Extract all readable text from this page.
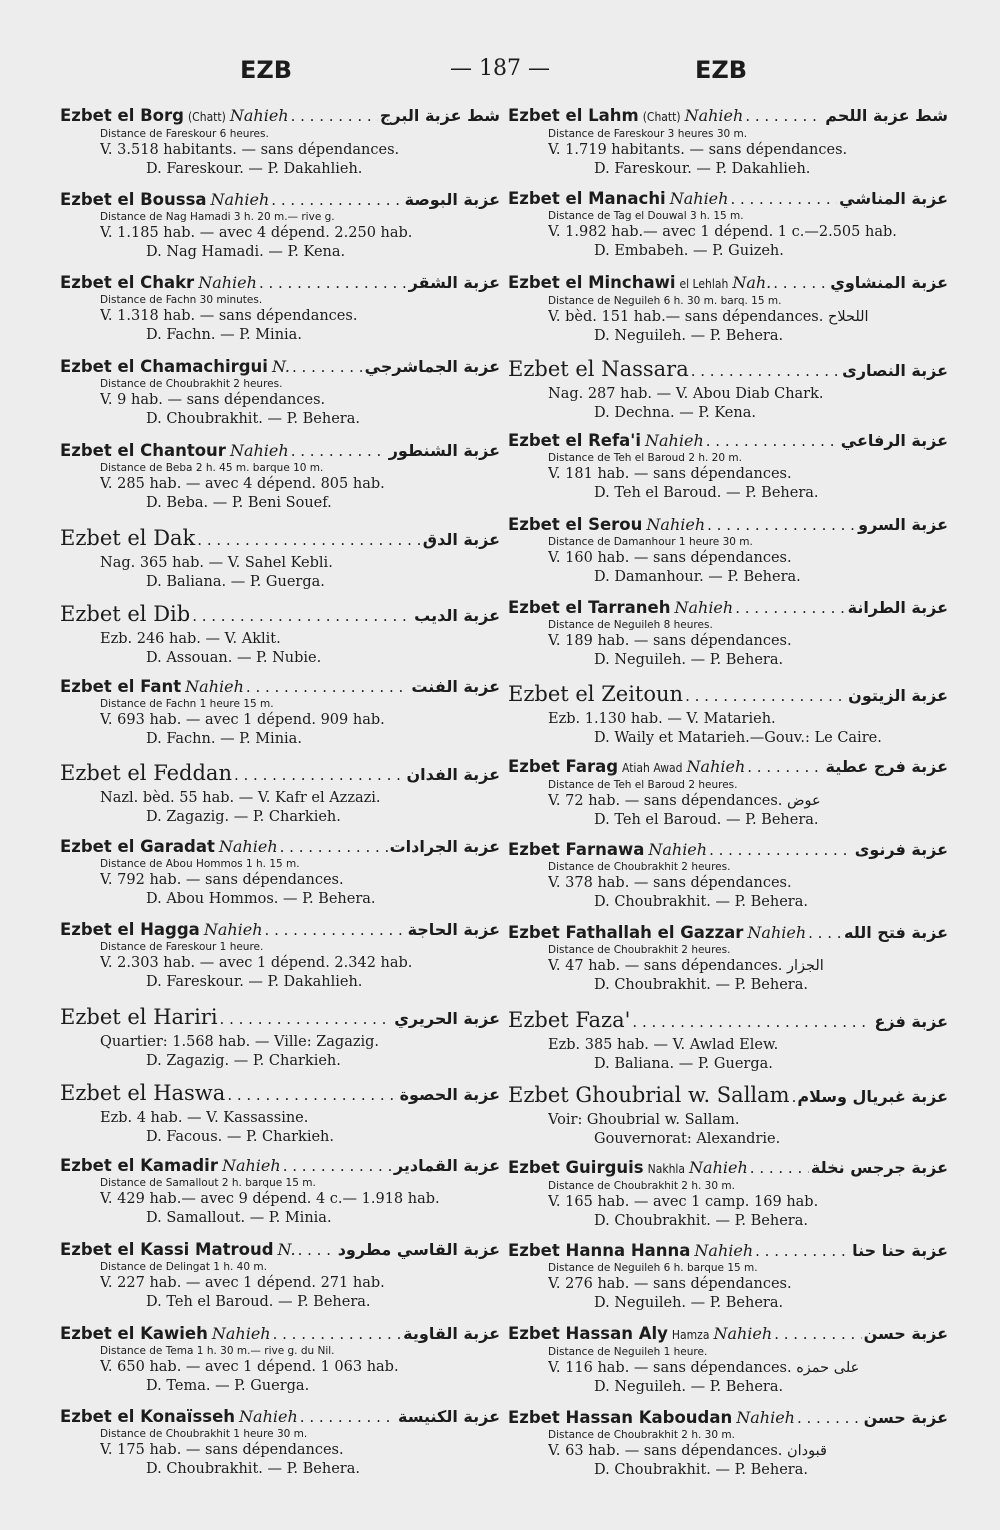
EZB	— 187 —	EZB
Ezbet el Borg (Chatt) Nahieh . . .	شط عزبة البرج
Distance de Fareskour 6 heures.
V. 3.518 habitants. — sans dépendances.
D. Fareskour. — P. Dakahlieh.
Ezbet el Boussa Nahieh . . .	عزبة البوصة
Distance de Nag Hamadi 3 h. 20 m.— rive g.
V. 1.185 hab. — avec 4 dépend. 2.250 hab.
D. Nag Hamadi. — P. Kena.
Ezbet el Chakr Nahieh . . .	عزبة الشقر
Distance de Fachn 30 minutes.
V. 1.318 hab. — sans dépendances.
D. Fachn. — P. Minia.
Ezbet el Chamachirgui N. . . .	عزبة الجماشرجي
Distance de Choubrakhit 2 heures.
V. 9 hab. — sans dépendances.
D. Choubrakhit. — P. Behera.
Ezbet el Chantour Nahieh . . .	عزبة الشنطور
Distance de Beba 2 h. 45 m. barque 10 m.
V. 285 hab. — avec 4 dépend. 805 hab.
D. Beba. — P. Beni Souef.
Ezbet el Dak . . .	عزبة الدق
Nag. 365 hab. — V. Sahel Kebli.
D. Baliana. — P. Guerga.
Ezbet el Dib . . .	عزبة الديب
Ezb. 246 hab. — V. Aklit.
D. Assouan. — P. Nubie.
Ezbet el Fant Nahieh . . .	عزبة الفنت
Distance de Fachn 1 heure 15 m.
V. 693 hab. — avec 1 dépend. 909 hab.
D. Fachn. — P. Minia.
Ezbet el Feddan . . .	عزبة الفدان
Nazl. bèd. 55 hab. — V. Kafr el Azzazi.
D. Zagazig. — P. Charkieh.
Ezbet el Garadat Nahieh . . .	عزبة الجرادات
Distance de Abou Hommos 1 h. 15 m.
V. 792 hab. — sans dépendances.
D. Abou Hommos. — P. Behera.
Ezbet el Hagga Nahieh . . .	عزبة الحاجة
Distance de Fareskour 1 heure.
V. 2.303 hab. — avec 1 dépend. 2.342 hab.
D. Fareskour. — P. Dakahlieh.
Ezbet el Hariri . . .	عزبة الحريري
Quartier: 1.568 hab. — Ville: Zagazig.
D. Zagazig. — P. Charkieh.
Ezbet el Haswa . . .	عزبة الحصوة
Ezb. 4 hab. — V. Kassassine.
D. Facous. — P. Charkieh.
Ezbet el Kamadir Nahieh . . .	عزبة القمادير
Distance de Samallout 2 h. barque 15 m.
V. 429 hab.— avec 9 dépend. 4 c.— 1.918 hab.
D. Samallout. — P. Minia.
Ezbet el Kassi Matroud N. . . .	عزبة القاسي مطرود
Distance de Delingat 1 h. 40 m.
V. 227 hab. — avec 1 dépend. 271 hab.
D. Teh el Baroud. — P. Behera.
Ezbet el Kawieh Nahieh . . .	عزبة القاوية
Distance de Tema 1 h. 30 m.— rive g. du Nil.
V. 650 hab. — avec 1 dépend. 1 063 hab.
D. Tema. — P. Guerga.
Ezbet el Konaïsseh Nahieh . . .	عزبة الكنيسة
Distance de Choubrakhit 1 heure 30 m.
V. 175 hab. — sans dépendances.
D. Choubrakhit. — P. Behera.
Ezbet el Lahm (Chatt) Nahieh . . .	شط عزبة اللحم
Distance de Fareskour 3 heures 30 m.
V. 1.719 habitants. — sans dépendances.
D. Fareskour. — P. Dakahlieh.
Ezbet el Manachi Nahieh . . .	عزبة المناشي
Distance de Tag el Douwal 3 h. 15 m.
V. 1.982 hab.— avec 1 dépend. 1 c.—2.505 hab.
D. Embabeh. — P. Guizeh.
Ezbet el Minchawi el Lehlah Nah. . . .	عزبة المنشاوي
Distance de Neguileh 6 h. 30 m. barq. 15 m.
V. bèd. 151 hab.— sans dépendances. اللحلاح
D. Neguileh. — P. Behera.
Ezbet el Nassara . . .	عزبة النصارى
Nag. 287 hab. — V. Abou Diab Chark.
D. Dechna. — P. Kena.
Ezbet el Refa'i Nahieh . . .	عزبة الرفاعي
Distance de Teh el Baroud 2 h. 20 m.
V. 181 hab. — sans dépendances.
D. Teh el Baroud. — P. Behera.
Ezbet el Serou Nahieh . . .	عزبة السرو
Distance de Damanhour 1 heure 30 m.
V. 160 hab. — sans dépendances.
D. Damanhour. — P. Behera.
Ezbet el Tarraneh Nahieh . . .	عزبة الطرانة
Distance de Neguileh 8 heures.
V. 189 hab. — sans dépendances.
D. Neguileh. — P. Behera.
Ezbet el Zeitoun . . .	عزبة الزيتون
Ezb. 1.130 hab. — V. Matarieh.
D. Waily et Matarieh.—Gouv.: Le Caire.
Ezbet Farag Atiah Awad Nahieh . . .	عزبة فرج عطية
Distance de Teh el Baroud 2 heures.
V. 72 hab. — sans dépendances. عوض
D. Teh el Baroud. — P. Behera.
Ezbet Farnawa Nahieh . . .	عزبة فرنوى
Distance de Choubrakhit 2 heures.
V. 378 hab. — sans dépendances.
D. Choubrakhit. — P. Behera.
Ezbet Fathallah el Gazzar Nahieh . . . عزبة فتح الله
Distance de Choubrakhit 2 heures.
V. 47 hab. — sans dépendances. الجزار
D. Choubrakhit. — P. Behera.
Ezbet Faza' . . .	عزبة فزع
Ezb. 385 hab. — V. Awlad Elew.
D. Baliana. — P. Guerga.
Ezbet Ghoubrial w. Sallam . . . عزبة غبريال وسلام
Voir: Ghoubrial w. Sallam.
Gouvernorat: Alexandrie.
Ezbet Guirguis Nakhla Nahieh . . .	عزبة جرجس نخلة
Distance de Choubrakhit 2 h. 30 m.
V. 165 hab. — avec 1 camp. 169 hab.
D. Choubrakhit. — P. Behera.
Ezbet Hanna Hanna Nahieh . . .	عزبة حنا حنا
Distance de Neguileh 6 h. barque 15 m.
V. 276 hab. — sans dépendances.
D. Neguileh. — P. Behera.
Ezbet Hassan Aly Hamza Nahieh . . .	عزبة حسن
Distance de Neguileh 1 heure.
V. 116 hab. — sans dépendances. على حمزه
D. Neguileh. — P. Behera.
Ezbet Hassan Kaboudan Nahieh . . .	عزبة حسن
Distance de Choubrakhit 2 h. 30 m.
V. 63 hab. — sans dépendances. قبودان
D. Choubrakhit. — P. Behera.
